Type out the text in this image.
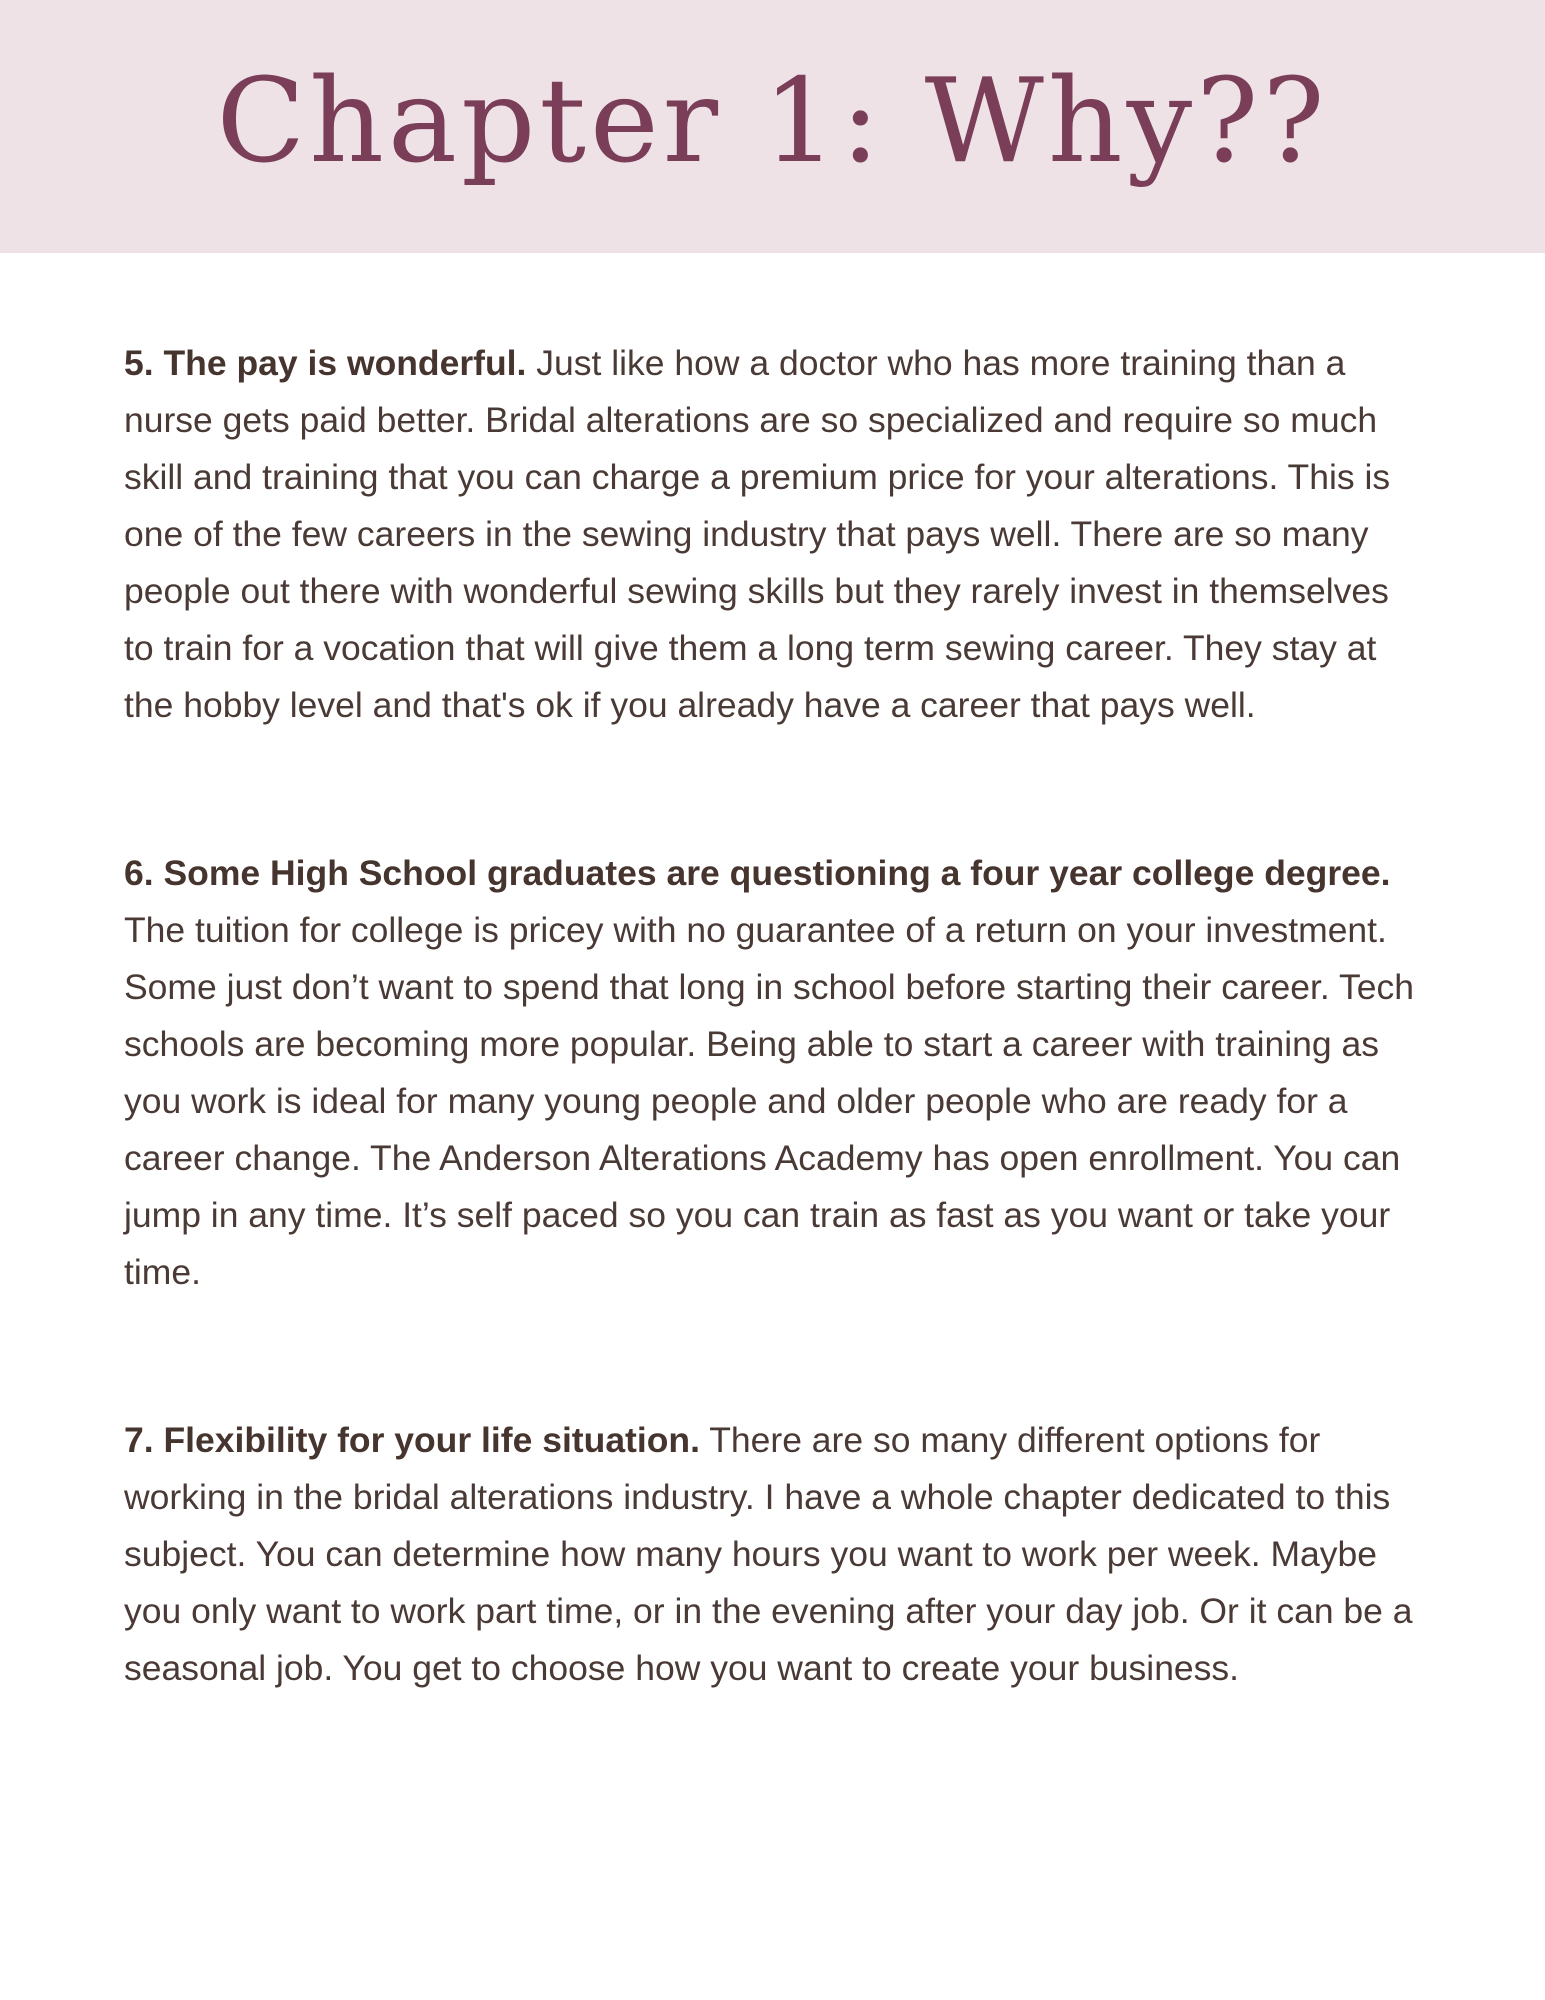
Chapter 1: Why??

5. The pay is wonderful. Just like how a doctor who has more training than a nurse gets paid better. Bridal alterations are so specialized and require so much skill and training that you can charge a premium price for your alterations. This is one of the few careers in the sewing industry that pays well. There are so many people out there with wonderful sewing skills but they rarely invest in themselves to train for a vocation that will give them a long term sewing career. They stay at the hobby level and that's ok if you already have a career that pays well.

6. Some High School graduates are questioning a four year college degree. The tuition for college is pricey with no guarantee of a return on your investment. Some just don’t want to spend that long in school before starting their career. Tech schools are becoming more popular. Being able to start a career with training as you work is ideal for many young people and older people who are ready for a career change. The Anderson Alterations Academy has open enrollment. You can jump in any time. It’s self paced so you can train as fast as you want or take your time.

7. Flexibility for your life situation. There are so many different options for working in the bridal alterations industry. I have a whole chapter dedicated to this subject. You can determine how many hours you want to work per week. Maybe you only want to work part time, or in the evening after your day job. Or it can be a seasonal job. You get to choose how you want to create your business.
